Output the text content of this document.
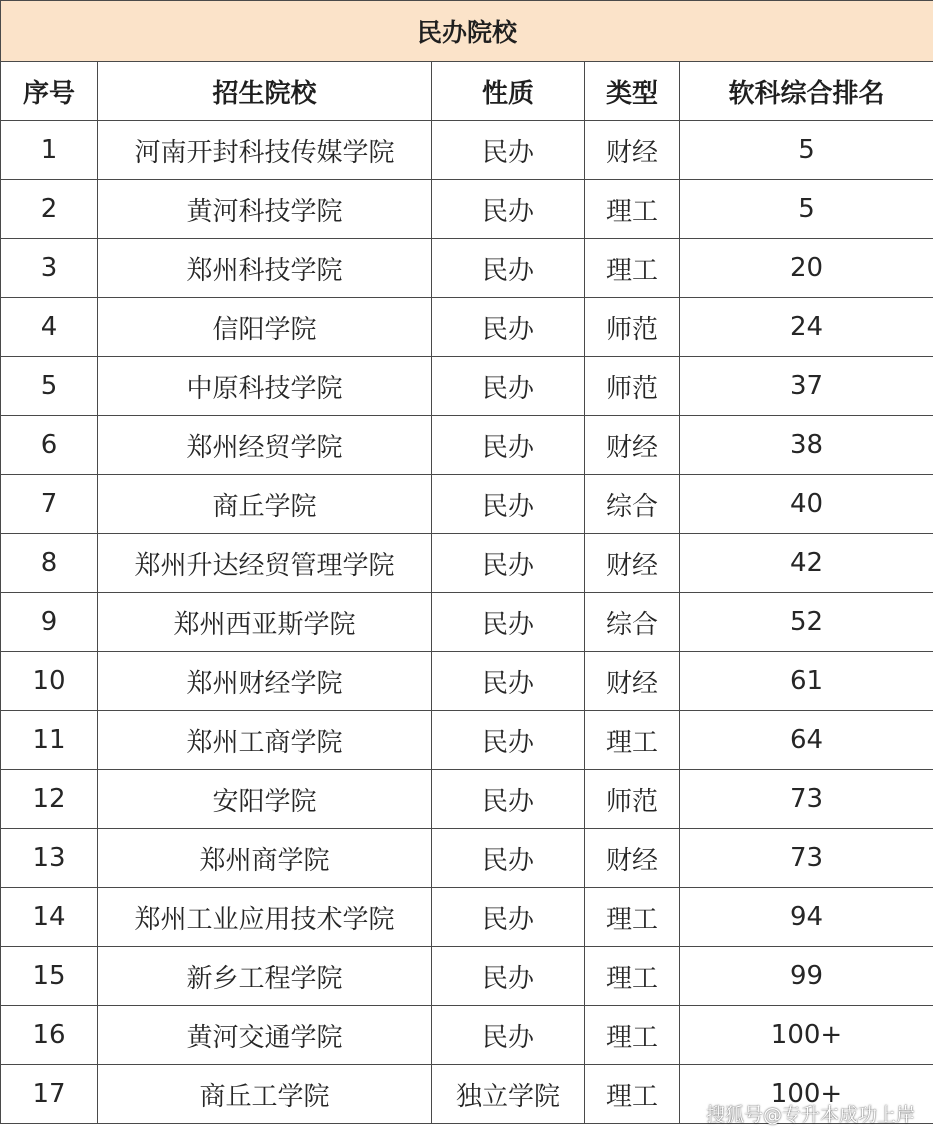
民办院校				
序号	招生院校	性质	类型	软科综合排名
1	河南开封科技传媒学院	民办	财经	5
2	黄河科技学院	民办	理工	5
3	郑州科技学院	民办	理工	20
4	信阳学院	民办	师范	24
5	中原科技学院	民办	师范	37
6	郑州经贸学院	民办	财经	38
7	商丘学院	民办	综合	40
8	郑州升达经贸管理学院	民办	财经	42
9	郑州西亚斯学院	民办	综合	52
10	郑州财经学院	民办	财经	61
11	郑州工商学院	民办	理工	64
12	安阳学院	民办	师范	73
13	郑州商学院	民办	财经	73
14	郑州工业应用技术学院	民办	理工	94
15	新乡工程学院	民办	理工	99
16	黄河交通学院	民办	理工	100+
17	商丘工学院	独立学院	理工	100+
搜狐号@专升本成功上岸
